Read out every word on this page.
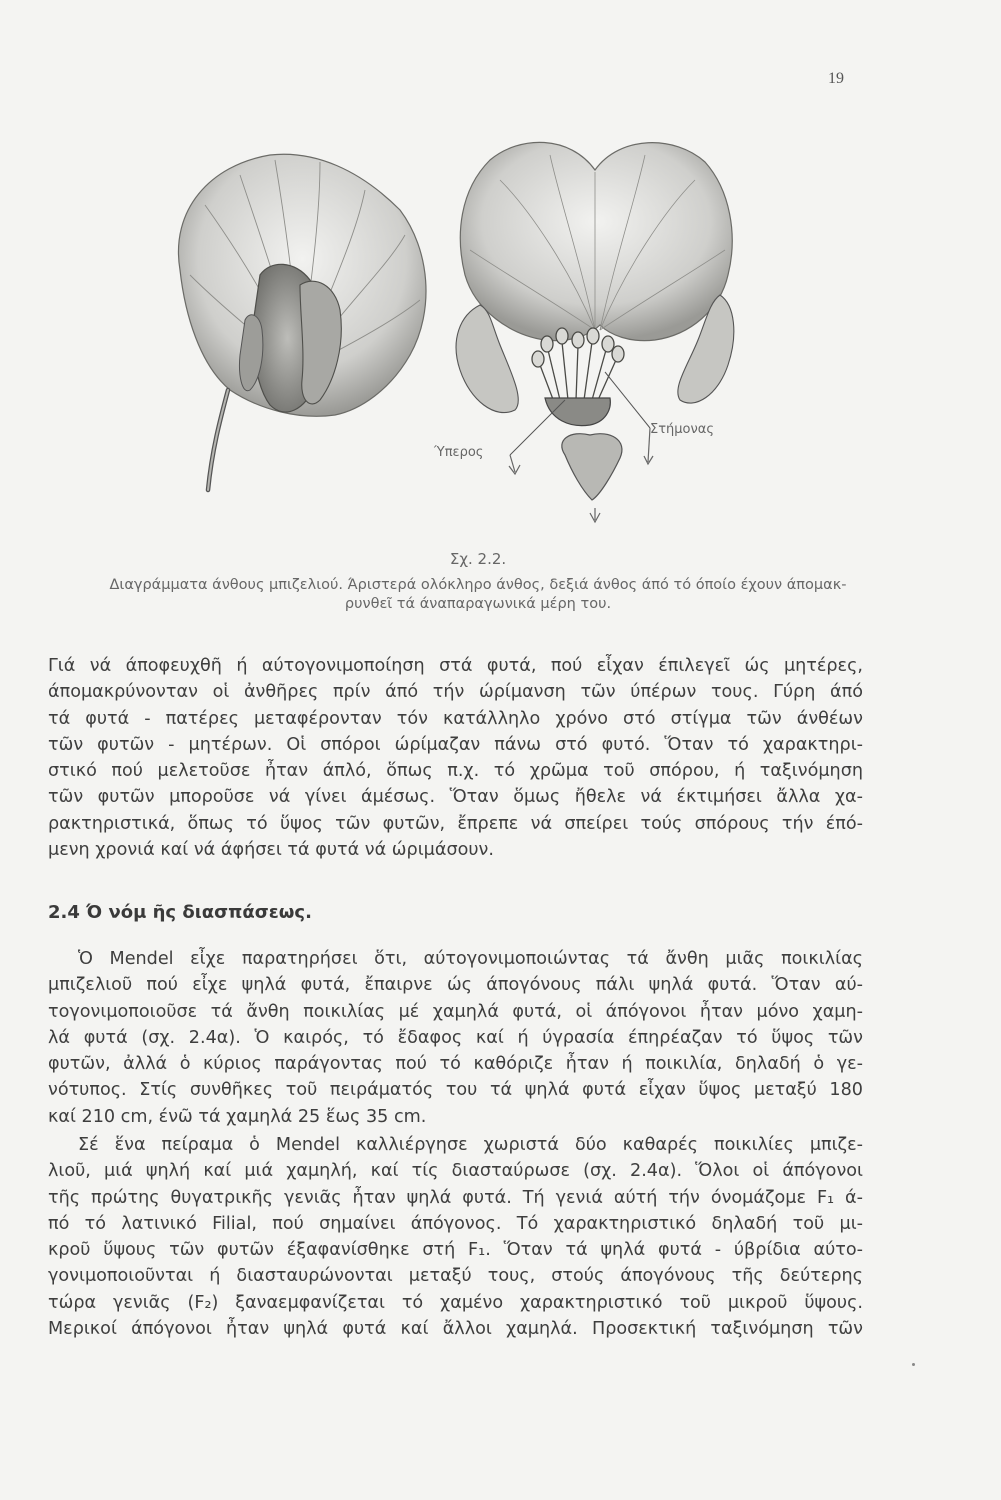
19
Ύπερος
Στήμονας
Σχ. 2.2.
Διαγράμματα άνθους μπιζελιού. Άριστερά ολόκληρο άνθος, δεξιά άνθος άπό τό όποίο έχουν άπομακ-
ρυνθεῖ τά άναπαραγωνικά μέρη του.
Γιά νά άποφευχθῆ ή αύτογονιμοποίηση στά φυτά, πού εἶχαν έπιλεγεῖ ώς μητέρες,
άπομακρύνονταν οἱ ἀνθῆρες πρίν άπό τήν ώρίμανση τῶν ύπέρων τους. Γύρη άπό
τά φυτά - πατέρες μεταφέρονταν τόν κατάλληλο χρόνο στό στίγμα τῶν άνθέων
τῶν φυτῶν - μητέρων. Οἱ σπόροι ώρίμαζαν πάνω στό φυτό. Ὅταν τό χαρακτηρι-
στικό πού μελετοῦσε ἦταν άπλό, ὅπως π.χ. τό χρῶμα τοῦ σπόρου, ή ταξινόμηση
τῶν φυτῶν μποροῦσε νά γίνει άμέσως. Ὅταν ὅμως ἤθελε νά έκτιμήσει ἄλλα χα-
ρακτηριστικά, ὅπως τό ὕψος τῶν φυτῶν, ἔπρεπε νά σπείρει τούς σπόρους τήν έπό-
μενη χρονιά καί νά άφήσει τά φυτά νά ώριμάσουν.
2.4 Ό νόμ ῆς διασπάσεως.
Ὁ Mendel εἶχε παρατηρήσει ὅτι, αύτογονιμοποιώντας τά ἄνθη μιᾶς ποικιλίας
μπιζελιοῦ πού εἶχε ψηλά φυτά, ἔπαιρνε ώς άπογόνους πάλι ψηλά φυτά. Ὅταν αύ-
τογονιμοποιοῦσε τά ἄνθη ποικιλίας μέ χαμηλά φυτά, οἱ άπόγονοι ἦταν μόνο χαμη-
λά φυτά (σχ. 2.4α). Ὁ καιρός, τό ἔδαφος καί ή ύγρασία έπηρέαζαν τό ὕψος τῶν
φυτῶν, ἀλλά ὁ κύριος παράγοντας πού τό καθόριζε ἦταν ή ποικιλία, δηλαδή ὁ γε-
νότυπος. Στίς συνθῆκες τοῦ πειράματός του τά ψηλά φυτά εἶχαν ὕψος μεταξύ 180
καί 210 cm, ένῶ τά χαμηλά 25 ἕως 35 cm.
Σέ ἕνα πείραμα ὁ Mendel καλλιέργησε χωριστά δύο καθαρές ποικιλίες μπιζε-
λιοῦ, μιά ψηλή καί μιά χαμηλή, καί τίς διασταύρωσε (σχ. 2.4α). Ὅλοι οἱ άπόγονοι
τῆς πρώτης θυγατρικῆς γενιᾶς ἦταν ψηλά φυτά. Τή γενιά αύτή τήν όνομάζομε F₁ ά-
πό τό λατινικό Filial, πού σημαίνει άπόγονος. Τό χαρακτηριστικό δηλαδή τοῦ μι-
κροῦ ὕψους τῶν φυτῶν έξαφανίσθηκε στή F₁. Ὅταν τά ψηλά φυτά - ύβρίδια αύτο-
γονιμοποιοῦνται ή διασταυρώνονται μεταξύ τους, στούς άπογόνους τῆς δεύτερης
τώρα γενιᾶς (F₂) ξαναεμφανίζεται τό χαμένο χαρακτηριστικό τοῦ μικροῦ ὕψους.
Μερικοί άπόγονοι ἦταν ψηλά φυτά καί ἄλλοι χαμηλά. Προσεκτική ταξινόμηση τῶν
